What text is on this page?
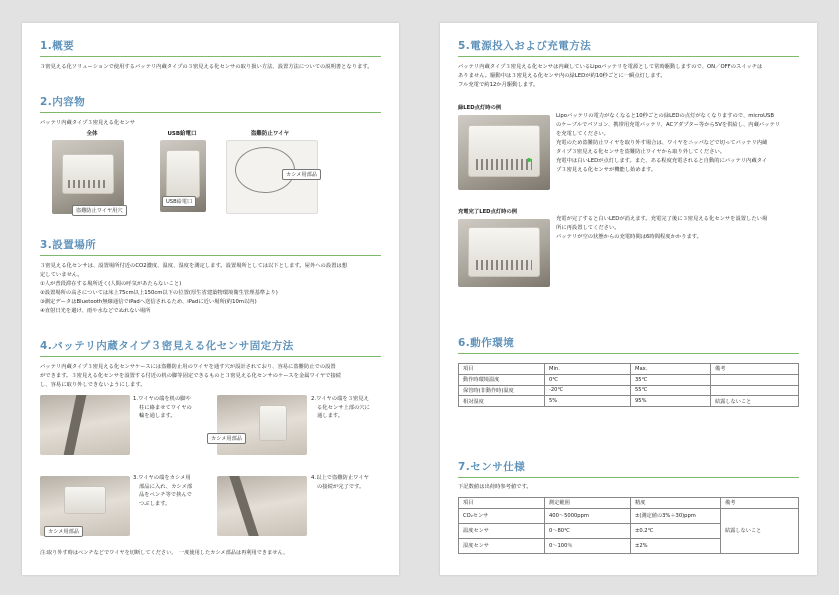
1.概要
３密見える化ソリューションで使用するバッテリ内蔵タイプの３密見える化センサの取り扱い方法、設置方法についての説明書となります。
2.内容物
バッテリ内蔵タイプ３密見える化センサ
全体	USB給電口	盗難防止ワイヤ
盗難防止ワイヤ用穴
USB給電口
カシメ用部品
3.設置場所
３密見える化センサは、設置場所付近のCO2濃度、温度、湿度を測定します。設置場所としては以下とします。屋外への設置は想
定していません。
①人が普段滞在する場所近く(人間の呼気があたらないこと)
②設置場所の高さについては床上75cm以上150cm以下の位置(厚生省建築物環境衛生管理基準より)
③測定データはBluetooth無線通信でiPadへ送信されるため、iPadに近い場所(約10m以内)
④直射日光を避け、雨や水などでぬれない場所
4.バッテリ内蔵タイプ３密見える化センサ固定方法
バッテリ内蔵タイプ３密見える化センサケースには盗難防止用のワイヤを通す穴が設計されており、容易に盗難防止での設置
ができます。３密見える化センサを設置する付近の机の脚等固定できるものと３密見える化センサのケースを金属ワイヤで接続
し、容易に取り外しできないようにします。
1.ワイヤの端を机の脚や
柱に絡ませてワイヤの
輪を通します。
カシメ用部品
2.ワイヤの端を３密見え
る化センサ上部の穴に
通します。
カシメ用部品
3.ワイヤの端をカシメ用
部品に入れ、カシメ部
品をペンチ等で挟んで
つぶします。
4.以上で盗難防止ワイヤ
の接続が完了です。
注:取り外す時はペンチなどでワイヤを切断してください。　一度使用したカシメ部品は再利用できません。
5.電源投入および充電方法
バッテリ内蔵タイプ３密見える化センサは内蔵しているLipoバッテリを電源として常時駆動しますので、ON／OFFのスイッチは
ありません。駆動中は３密見える化センサ内の緑LEDが約10秒ごとに一瞬点灯します。
フル充電で約12か月駆動します。
緑LED点灯時の例
Lipoバッテリの電力がなくなると10秒ごとの緑LEDの点灯がなくなりますので、microUSB
のケーブルでパソコン、携帯用充電バッテリ、ACアダプター等から5Vを供給し、内蔵バッテリ
を充電してください。
充電のため盗難防止ワイヤを取り外す場合は、ワイヤをニッパなどで切ってバッテリ内蔵
タイプ３密見える化センサを盗難防止ワイヤから取り外してください。
充電中は白いLEDが点灯します。また、ある程度充電されると自動的にバッテリ内蔵タイ
プ３密見える化センサが機能し始めます。
充電完了LED点灯時の例
充電が完了すると白いLEDが消えます。充電完了後に３密見える化センサを設置したい場
所に再設置してください。
バッテリが空の状態からの充電時間は6時間程度かかります。
6.動作環境
項目	Min.	Max.	備考
動作時環境温度	0℃	35℃	
保管時(非動作時)温度	-20℃	55℃	
相対湿度	5%	95%	結露しないこと
7.センサ仕様
下記数値は出荷時参考値です。
項目	測定範囲	精度	備考
CO₂センサ	400～5000ppm	±(測定値の3%＋30)ppm	結露しないこと
温度センサ	0～80℃	±0.2℃	
湿度センサ	0～100％	±2%	
